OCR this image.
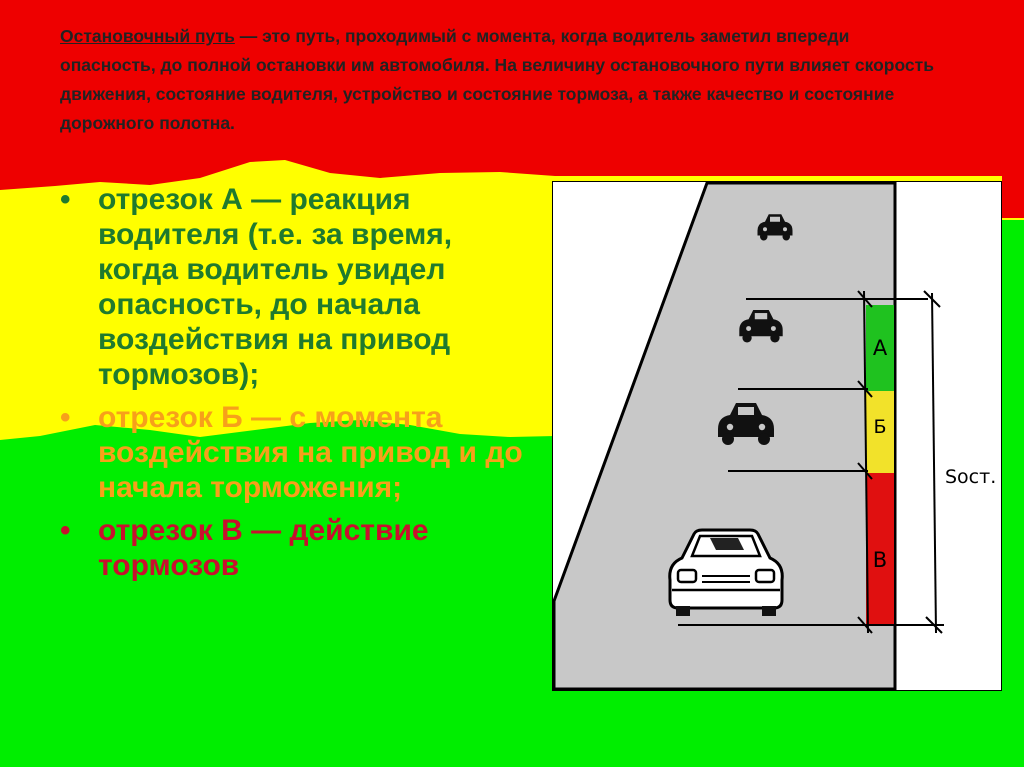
Остановочный путь — это путь, проходимый с момента, когда водитель заметил впереди опасность, до полной остановки им автомобиля. На величину остановочного пути влияет скорость движения, состояние водителя, устройство и состояние тормоза, а также качество и состояние дорожного полотна.

• отрезок А — реакция водителя (т.е. за время, когда водитель увидел опасность, до начала воздействия на привод тормозов);
• отрезок Б — с момента воздействия на привод и до начала торможения;
• отрезок В — действие тормозов
А
Б
В
Sост.
